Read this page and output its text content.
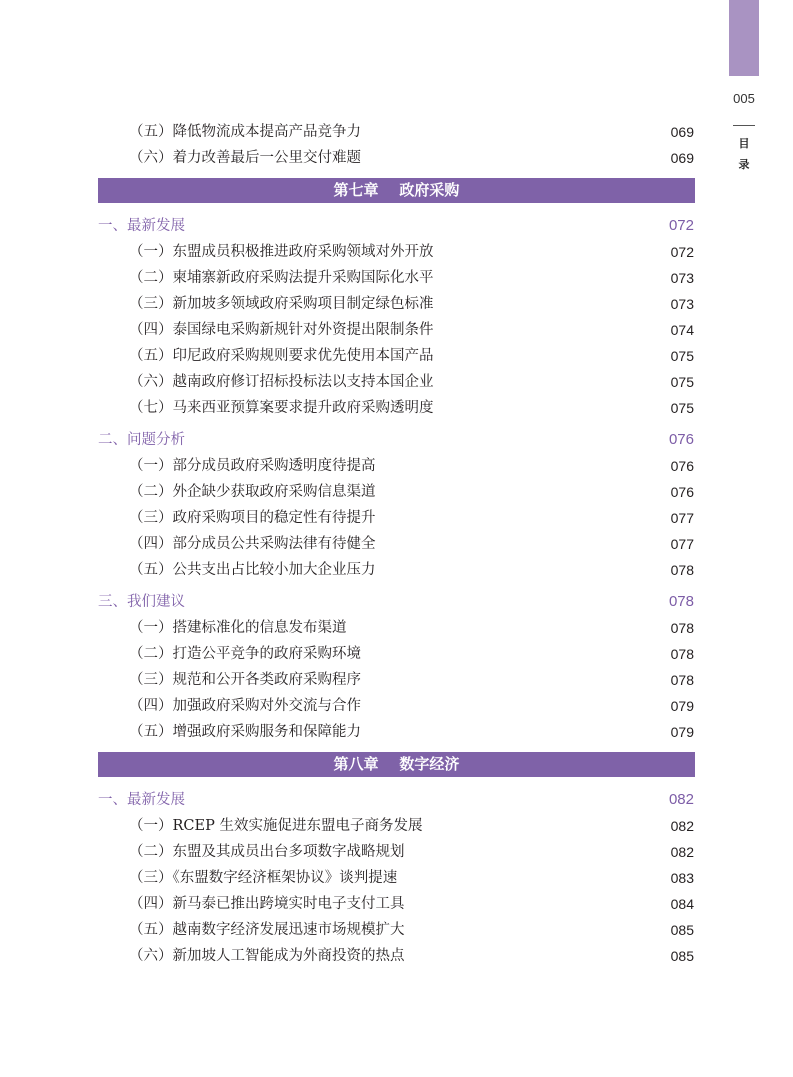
005
目
录
（五）降低物流成本提高产品竞争力	069
（六）着力改善最后一公里交付难题	069
第七章    政府采购
一、最新发展	072
（一）东盟成员积极推进政府采购领域对外开放	072
（二）柬埔寨新政府采购法提升采购国际化水平	073
（三）新加坡多领域政府采购项目制定绿色标准	073
（四）泰国绿电采购新规针对外资提出限制条件	074
（五）印尼政府采购规则要求优先使用本国产品	075
（六）越南政府修订招标投标法以支持本国企业	075
（七）马来西亚预算案要求提升政府采购透明度	075
二、问题分析	076
（一）部分成员政府采购透明度待提高	076
（二）外企缺少获取政府采购信息渠道	076
（三）政府采购项目的稳定性有待提升	077
（四）部分成员公共采购法律有待健全	077
（五）公共支出占比较小加大企业压力	078
三、我们建议	078
（一）搭建标准化的信息发布渠道	078
（二）打造公平竞争的政府采购环境	078
（三）规范和公开各类政府采购程序	078
（四）加强政府采购对外交流与合作	079
（五）增强政府采购服务和保障能力	079
第八章    数字经济
一、最新发展	082
（一）RCEP 生效实施促进东盟电子商务发展	082
（二）东盟及其成员出台多项数字战略规划	082
（三）《东盟数字经济框架协议》谈判提速	083
（四）新马泰已推出跨境实时电子支付工具	084
（五）越南数字经济发展迅速市场规模扩大	085
（六）新加坡人工智能成为外商投资的热点	085
